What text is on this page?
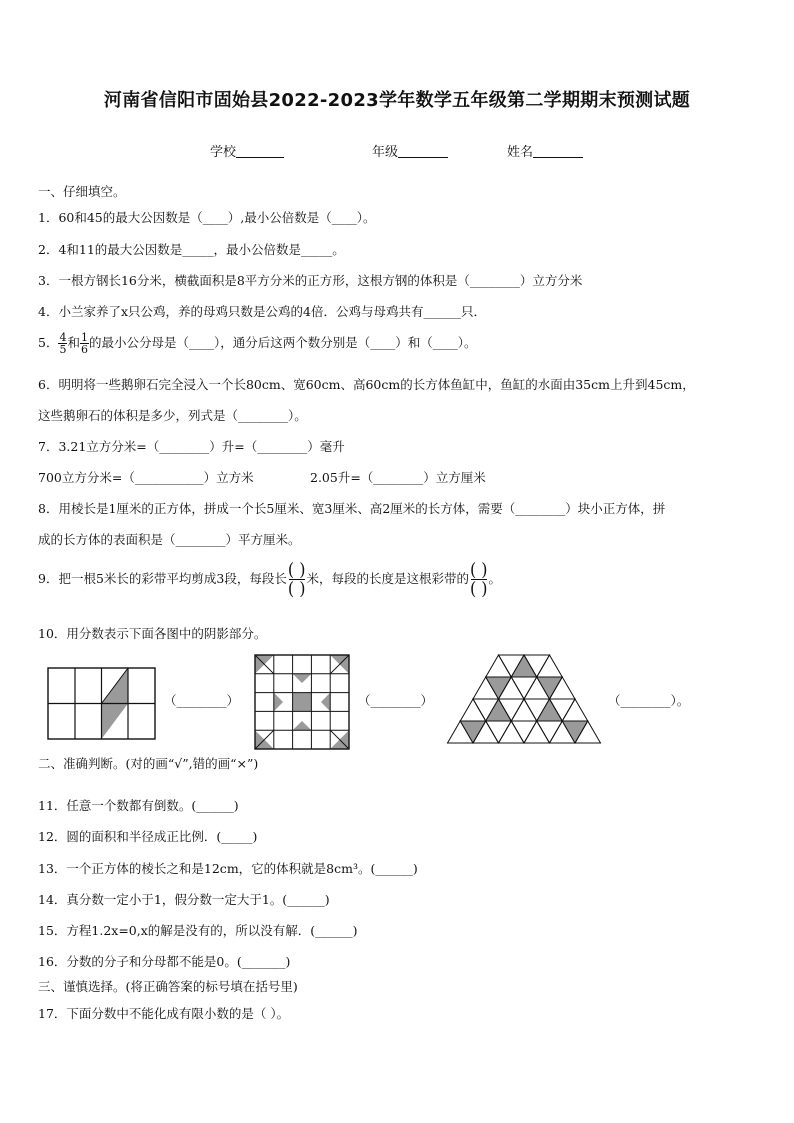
河南省信阳市固始县2022-2023学年数学五年级第二学期期末预测试题
学校	年级	姓名
一、仔细填空。
1．60和45的最大公因数是（____）,最小公倍数是（____）。
2．4和11的最大公因数是_____，最小公倍数是_____。
3．一根方钢长16分米，横截面积是8平方分米的正方形，这根方钢的体积是（________）立方分米
4．小兰家养了x只公鸡，养的母鸡只数是公鸡的4倍．公鸡与母鸡共有______只．
5． $\frac{4}{5}$ 和 $\frac{1}{6}$ 的最小公分母是（____），通分后这两个数分别是（____）和（____）。
6．明明将一些鹅卵石完全浸入一个长80cm、宽60cm、高60cm的长方体鱼缸中，鱼缸的水面由35cm上升到45cm，
这些鹅卵石的体积是多少，列式是（________）。
7．3.21立方分米=（________）升=（________）毫升
700立方分米=（___________）立方米	2.05升=（________）立方厘米
8．用棱长是1厘米的正方体，拼成一个长5厘米、宽3厘米、高2厘米的长方体，需要（________）块小正方体，拼
成的长方体的表面积是（________）平方厘米。
9．把一根5米长的彩带平均剪成3段，每段长 ( )
( ) 米，每段的长度是这根彩带的 ( )
( ) 。
10．用分数表示下面各图中的阴影部分。
（________）	（________）	（________）。
二、准确判断。(对的画“√”,错的画“×”)
11．任意一个数都有倒数。(______)
12．圆的面积和半径成正比例．(_____)
13．一个正方体的棱长之和是12cm，它的体积就是8cm³。(______)
14．真分数一定小于1，假分数一定大于1。(______)
15．方程1.2x=0,x的解是没有的，所以没有解．(______)
16．分数的分子和分母都不能是0。(_______)
三、谨慎选择。(将正确答案的标号填在括号里)
17．下面分数中不能化成有限小数的是（ ）。
